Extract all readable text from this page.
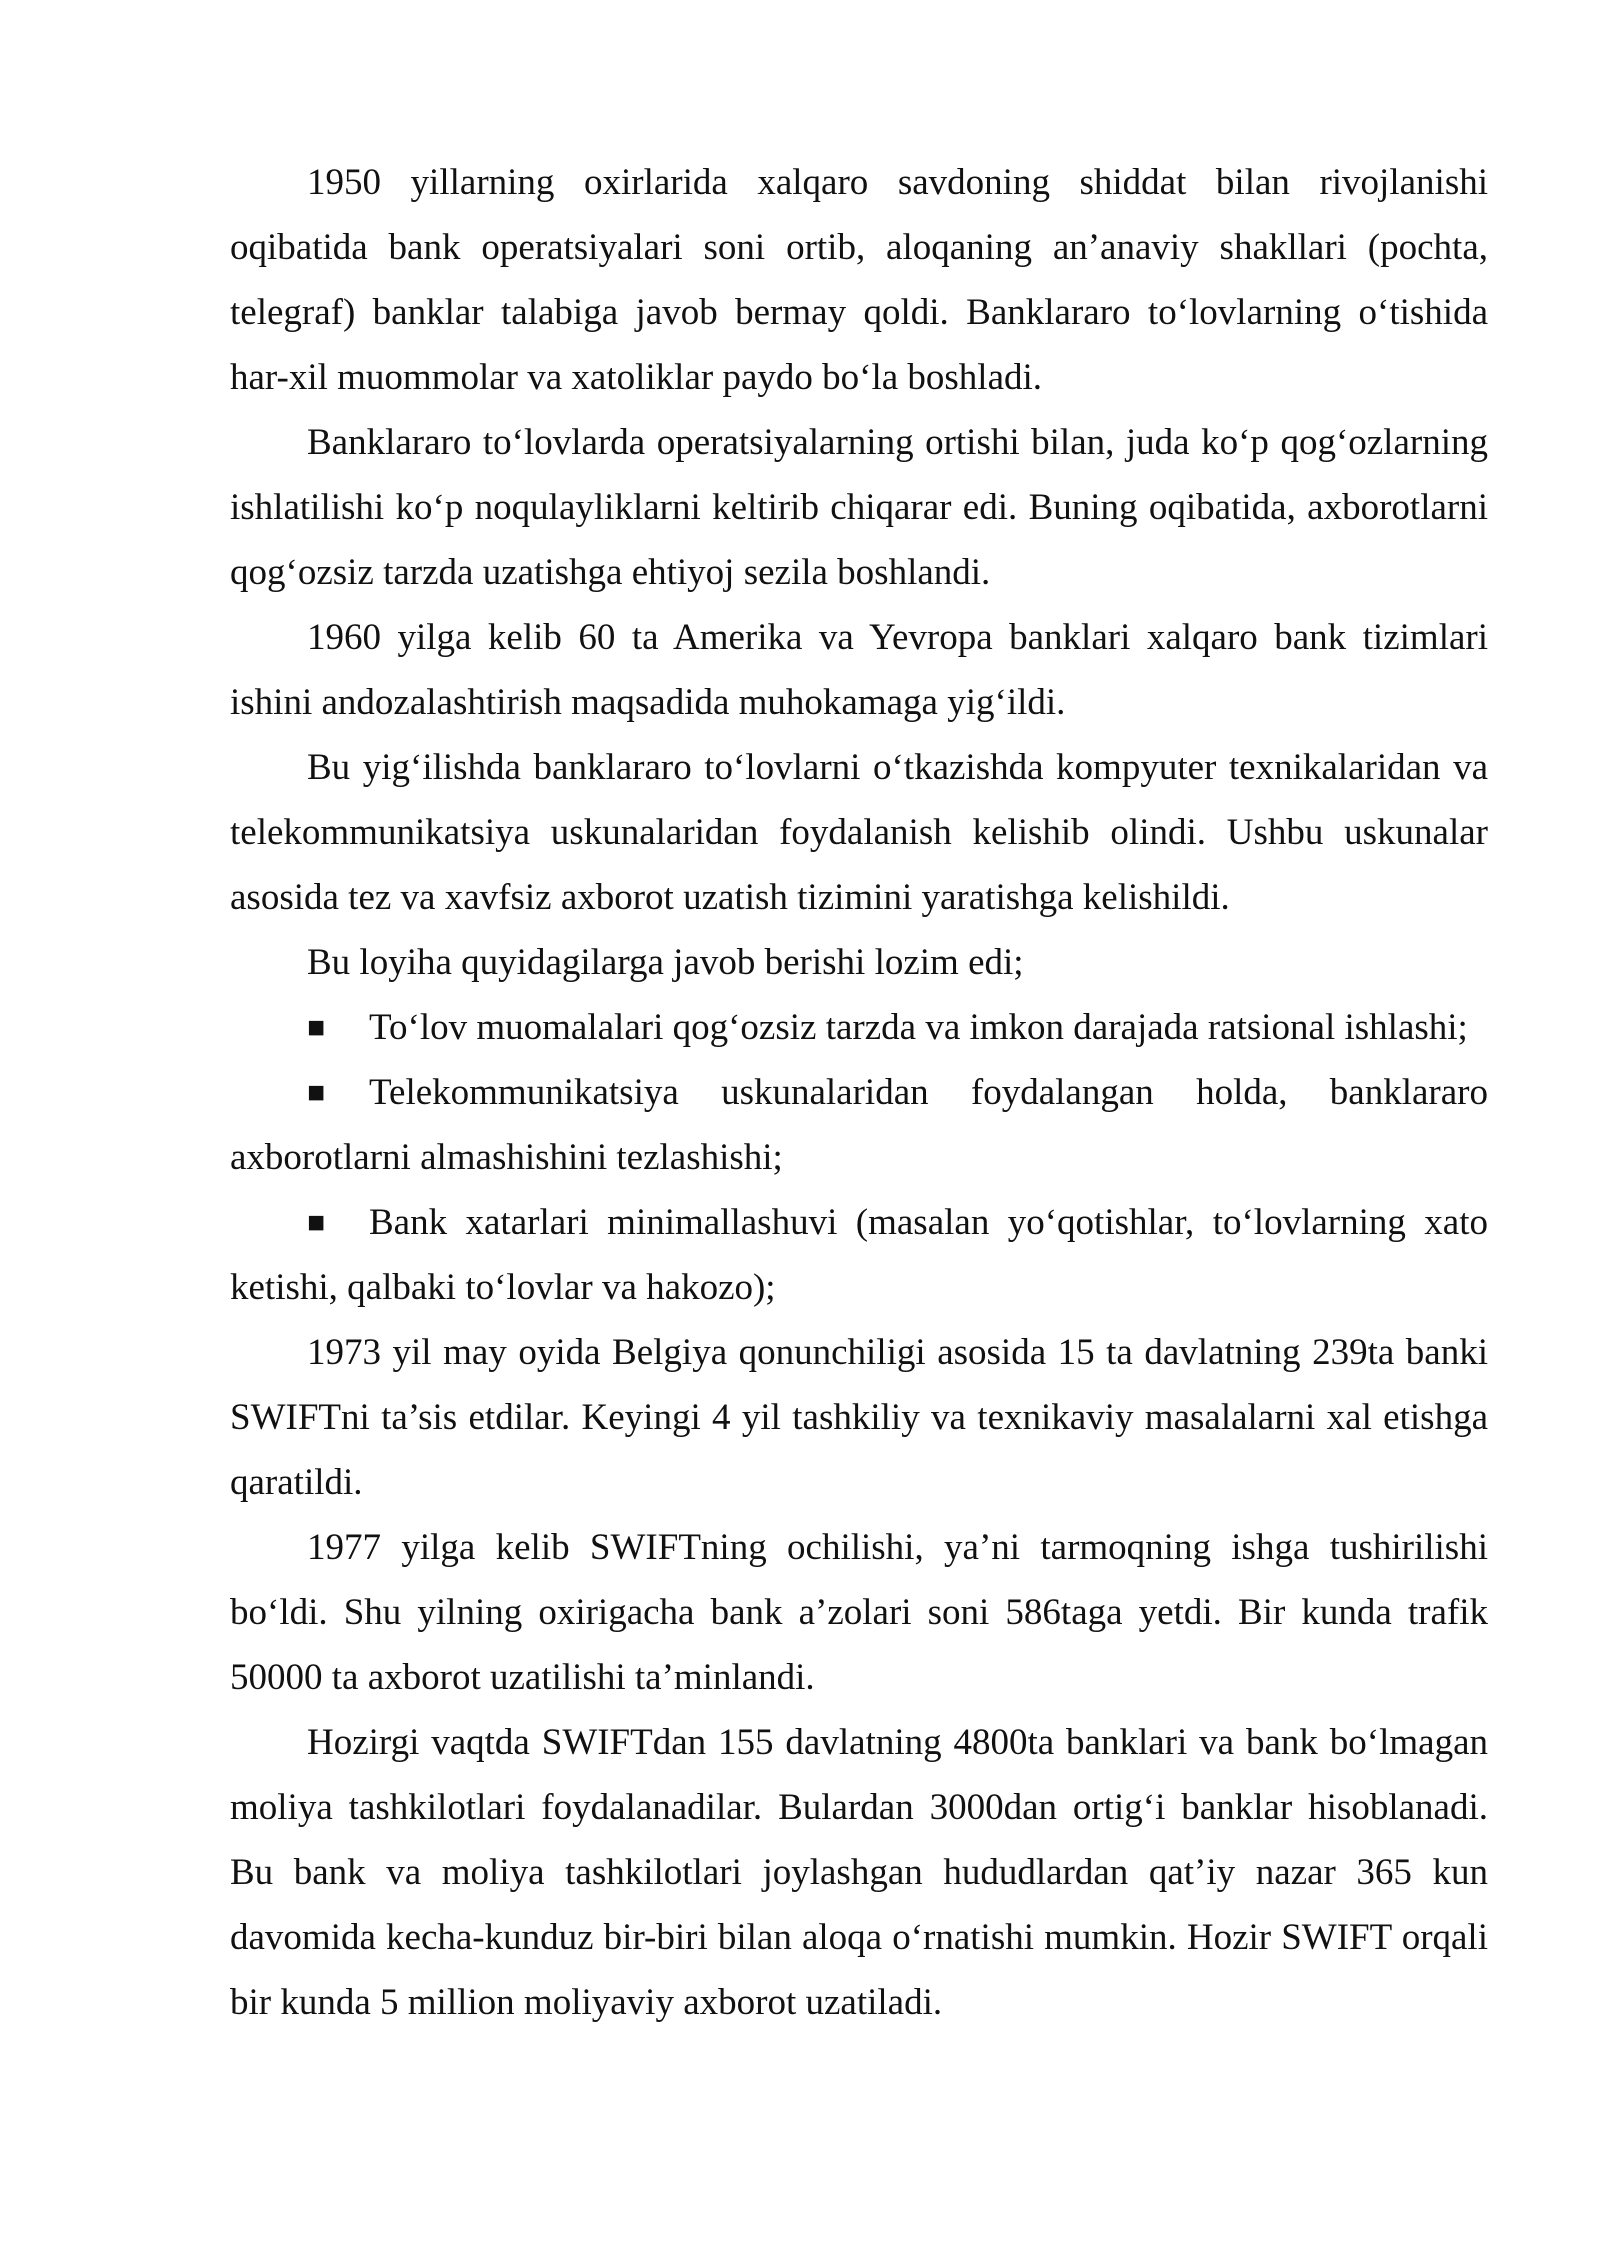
1950 yillarning oxirlarida xalqaro savdoning shiddat bilan rivojlanishi oqibatida bank operatsiyalari soni ortib, aloqaning an’anaviy shakllari (pochta, telegraf) banklar talabiga javob bermay qoldi. Banklararo to‘lovlarning o‘tishida har-xil muommolar va xatoliklar paydo bo‘la boshladi.

Banklararo to‘lovlarda operatsiyalarning ortishi bilan, juda ko‘p qog‘ozlarning ishlatilishi ko‘p noqulayliklarni keltirib chiqarar edi. Buning oqibatida, axborotlarni qog‘ozsiz tarzda uzatishga ehtiyoj sezila boshlandi.

1960 yilga kelib 60 ta Amerika va Yevropa banklari xalqaro bank tizimlari ishini andozalashtirish maqsadida muhokamaga yig‘ildi.

Bu yig‘ilishda banklararo to‘lovlarni o‘tkazishda kompyuter texnikalaridan va telekommunikatsiya uskunalaridan foydalanish kelishib olindi. Ushbu uskunalar asosida tez va xavfsiz axborot uzatish tizimini yaratishga kelishildi.

Bu loyiha quyidagilarga javob berishi lozim edi;

■ To‘lov muomalalari qog‘ozsiz tarzda va imkon darajada ratsional ishlashi;

■ Telekommunikatsiya uskunalaridan foydalangan holda, banklararo axborotlarni almashishini tezlashishi;

■ Bank xatarlari minimallashuvi (masalan yo‘qotishlar, to‘lovlarning xato ketishi, qalbaki to‘lovlar va hakozo);

1973 yil may oyida Belgiya qonunchiligi asosida 15 ta davlatning 239ta banki SWIFTni ta’sis etdilar. Keyingi 4 yil tashkiliy va texnikaviy masalalarni xal etishga qaratildi.

1977 yilga kelib SWIFTning ochilishi, ya’ni tarmoqning ishga tushirilishi bo‘ldi. Shu yilning oxirigacha bank a’zolari soni 586taga yetdi. Bir kunda trafik 50000 ta axborot uzatilishi ta’minlandi.

Hozirgi vaqtda SWIFTdan 155 davlatning 4800ta banklari va bank bo‘lmagan moliya tashkilotlari foydalanadilar. Bulardan 3000dan ortig‘i banklar hisoblanadi. Bu bank va moliya tashkilotlari joylashgan hududlardan qat’iy nazar 365 kun davomida kecha-kunduz bir-biri bilan aloqa o‘rnatishi mumkin. Hozir SWIFT orqali bir kunda 5 million moliyaviy axborot uzatiladi.
